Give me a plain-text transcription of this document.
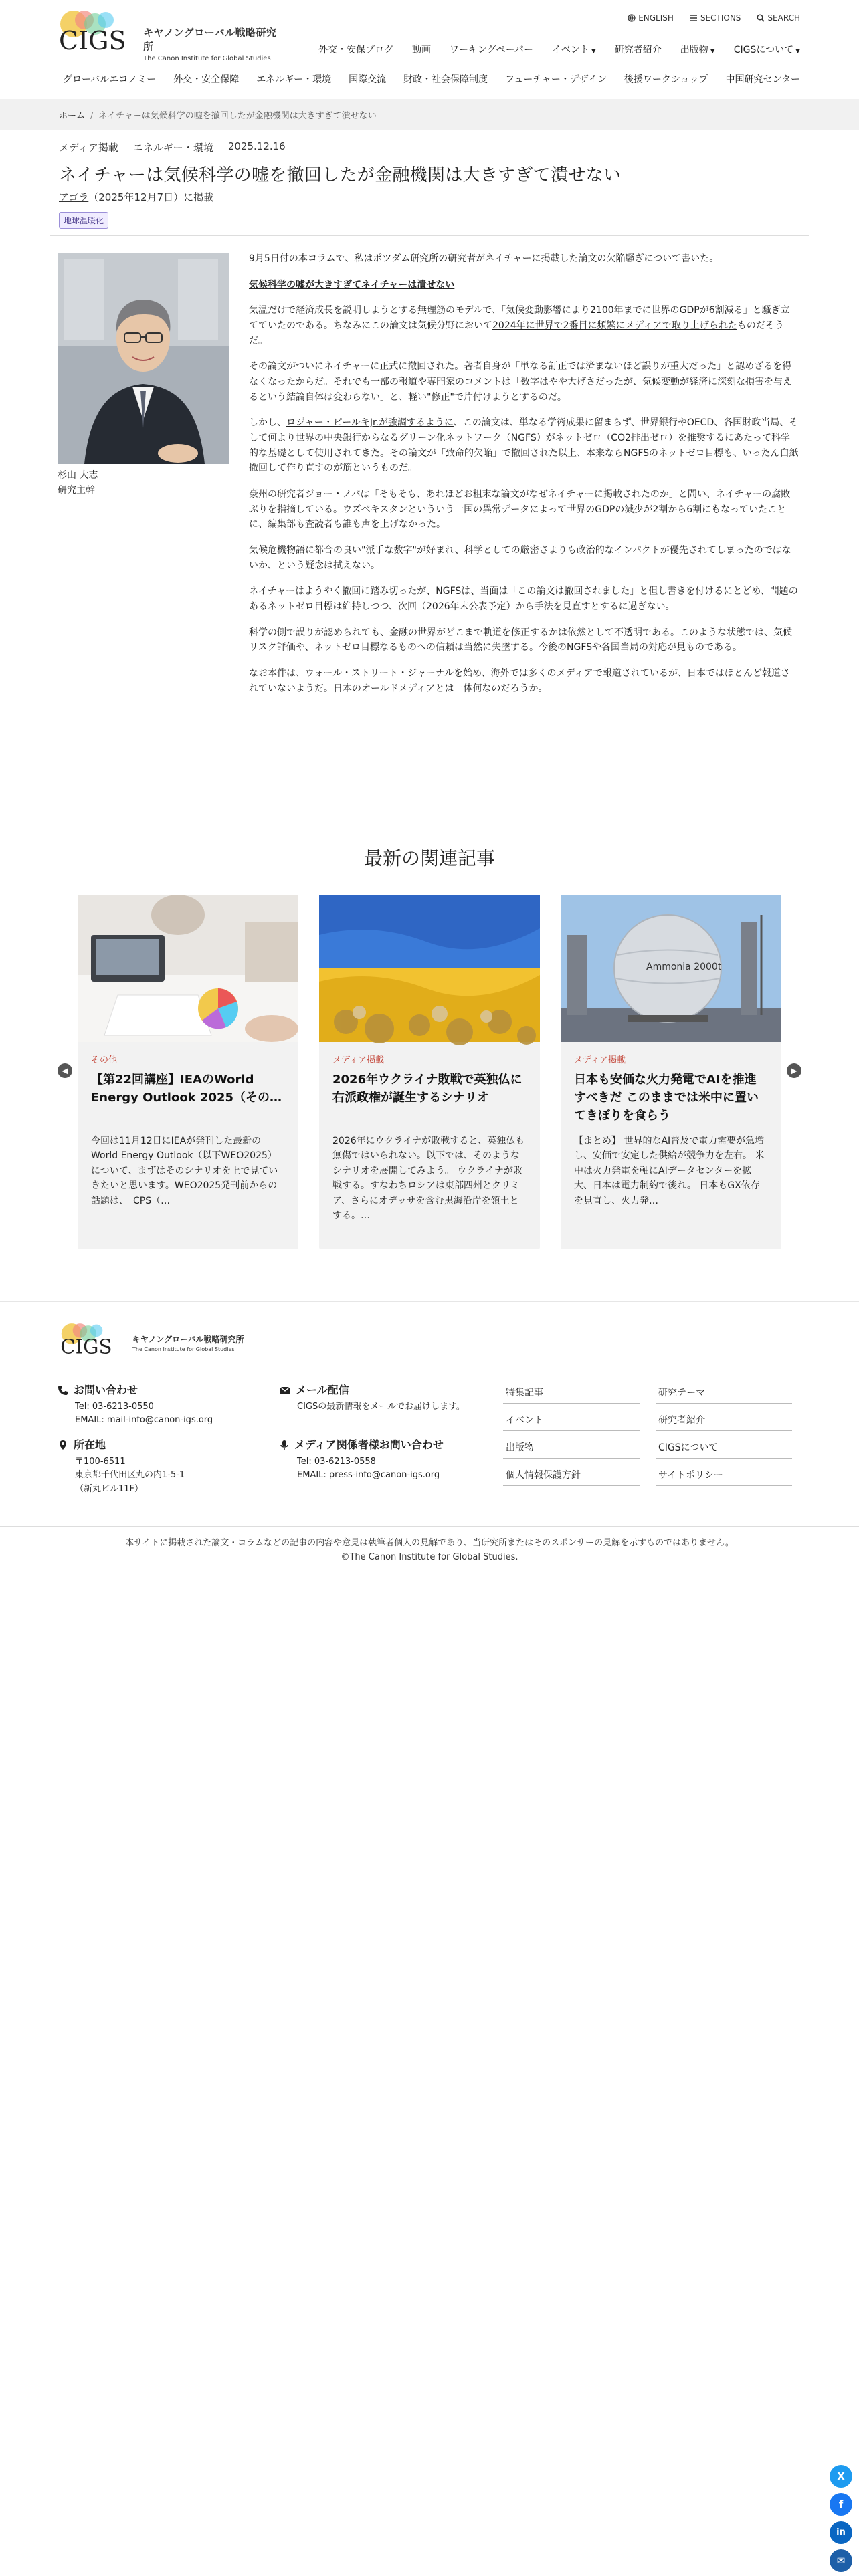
CIGS キヤノングローバル戦略研究所
The Canon Institute for Global Studies
ENGLISH	SECTIONS	SEARCH
外交・安保ブログ 動画 ワーキングペーパー イベント ▼ 研究者紹介 出版物 ▼ CIGSについて ▼
グローバルエコノミー 外交・安全保障 エネルギー・環境 国際交流 財政・社会保障制度 フューチャー・デザイン 後援ワークショップ 中国研究センター
ホーム / ネイチャーは気候科学の嘘を撤回したが金融機関は大きすぎて潰せない
メディア掲載 エネルギー・環境 2025.12.16
ネイチャーは気候科学の嘘を撤回したが金融機関は大きすぎて潰せない
アゴラ（2025年12月7日）に掲載
地球温暖化
杉山 大志
研究主幹

9月5日付の本コラムで、私はポツダム研究所の研究者がネイチャーに掲載した論文の欠陥騒ぎについて書いた。

気候科学の嘘が大きすぎてネイチャーは潰せない

気温だけで経済成長を説明しようとする無理筋のモデルで、「気候変動影響により2100年までに世界のGDPが6割減る」と騒ぎ立てていたのである。ちなみにこの論文は気候分野において2024年に世界で2番目に頻繁にメディアで取り上げられたものだそうだ。

その論文がついにネイチャーに正式に撤回された。著者自身が「単なる訂正では済まないほど誤りが重大だった」と認めざるを得なくなったからだ。それでも一部の報道や専門家のコメントは「数字はやや大げさだったが、気候変動が経済に深刻な損害を与えるという結論自体は変わらない」と、軽い"修正"で片付けようとするのだ。

しかし、ロジャー・ピールキJr.が強調するように、この論文は、単なる学術成果に留まらず、世界銀行やOECD、各国財政当局、そして何より世界の中央銀行からなるグリーン化ネットワーク（NGFS）がネットゼロ（CO2排出ゼロ）を推奨するにあたって科学的な基礎として使用されてきた。その論文が「致命的欠陥」で撤回された以上、本来ならNGFSのネットゼロ目標も、いったん白紙撤回して作り直すのが筋というものだ。

豪州の研究者ジョー・ノバは「そもそも、あれほどお粗末な論文がなぜネイチャーに掲載されたのか」と問い、ネイチャーの腐敗ぶりを指摘している。ウズベキスタンといういう一国の異常データによって世界のGDPの減少が2割から6割にもなっていたことに、編集部も査読者も誰も声を上げなかった。

気候危機物語に都合の良い"派手な数字"が好まれ、科学としての厳密さよりも政治的なインパクトが優先されてしまったのではないか、という疑念は拭えない。

ネイチャーはようやく撤回に踏み切ったが、NGFSは、当面は「この論文は撤回されました」と但し書きを付けるにとどめ、問題のあるネットゼロ目標は維持しつつ、次回（2026年末公表予定）から手法を見直すとするに過ぎない。

科学の側で誤りが認められても、金融の世界がどこまで軌道を修正するかは依然として不透明である。このような状態では、気候リスク評価や、ネットゼロ目標なるものへの信頼は当然に失墜する。今後のNGFSや各国当局の対応が見ものである。

なお本件は、ウォール・ストリート・ジャーナルを始め、海外では多くのメディアで報道されているが、日本ではほとんど報道されていないようだ。日本のオールドメディアとは一体何なのだろうか。

最新の関連記事
◀	▶
その他
【第22回講座】IEAのWorld Energy Outlook 2025（その…
今回は11月12日にIEAが発刊した最新のWorld Energy Outlook（以下WEO2025）について、まずはそのシナリオを上で見ていきたいと思います。WEO2025発刊前からの話題は、「CPS（…
メディア掲載
2026年ウクライナ敗戦で英独仏に右派政権が誕生するシナリオ
2026年にウクライナが敗戦すると、英独仏も無傷ではいられない。以下では、そのようなシナリオを展開してみよう。 ウクライナが敗戦する。すなわちロシアは東部四州とクリミア、さらにオデッサを含む黒海沿岸を領土とする。…
Ammonia 2000t
メディア掲載
日本も安価な火力発電でAIを推進すべきだ このままでは米中に置いてきぼりを食らう
【まとめ】 世界的なAI普及で電力需要が急増し、安価で安定した供給が競争力を左右。 米中は火力発電を軸にAIデータセンターを拡大、日本は電力制約で後れ。 日本もGX依存を見直し、火力発…
CIGS	キヤノングローバル戦略研究所
The Canon Institute for Global Studies
お問い合わせ
Tel: 03-6213-0550
EMAIL: mail-info@canon-igs.org
所在地
〒100-6511
東京都千代田区丸の内1-5-1
（新丸ビル11F）
メール配信
CIGSの最新情報をメールでお届けします。
メディア関係者様お問い合わせ
Tel: 03-6213-0558
EMAIL: press-info@canon-igs.org
特集記事	研究テーマ
イベント	研究者紹介
出版物	CIGSについて
個人情報保護方針	サイトポリシー
本サイトに掲載された論文・コラムなどの記事の内容や意見は執筆者個人の見解であり、当研究所またはそのスポンサーの見解を示すものではありません。
©The Canon Institute for Global Studies.
X
f
in
✉
